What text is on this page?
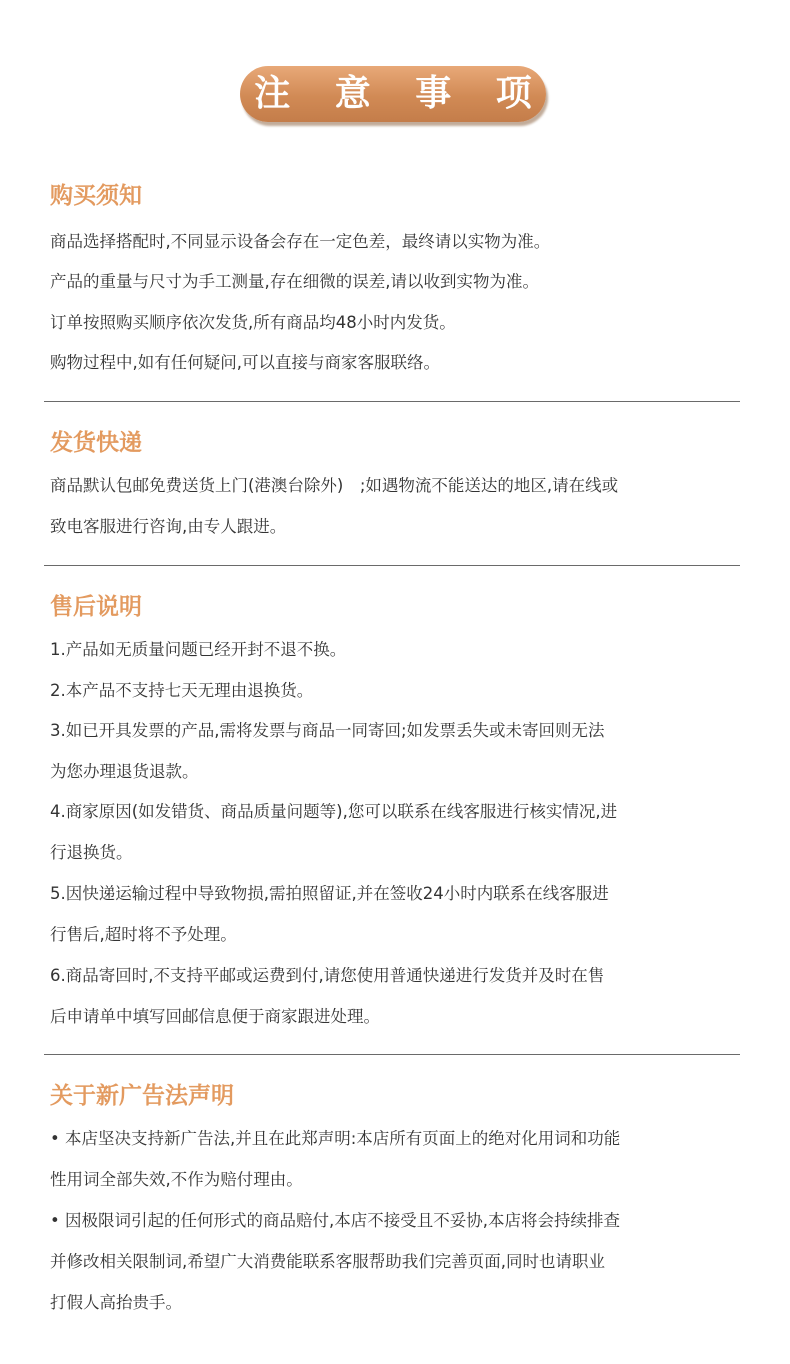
注 意 事 项
购买须知

商品选择搭配时,不同显示设备会存在一定色差，最终请以实物为准。

产品的重量与尺寸为手工测量,存在细微的误差,请以收到实物为准。

订单按照购买顺序依次发货,所有商品均48小时内发货。

购物过程中,如有任何疑问,可以直接与商家客服联络。

发货快递

商品默认包邮免费送货上门(港澳台除外)　;如遇物流不能送达的地区,请在线或

致电客服进行咨询,由专人跟进。

售后说明

1.产品如无质量问题已经开封不退不换。

2.本产品不支持七天无理由退换货。

3.如已开具发票的产品,需将发票与商品一同寄回;如发票丢失或未寄回则无法

为您办理退货退款。

4.商家原因(如发错货、商品质量问题等),您可以联系在线客服进行核实情况,进

行退换货。

5.因快递运输过程中导致物损,需拍照留证,并在签收24小时内联系在线客服进

行售后,超时将不予处理。

6.商品寄回时,不支持平邮或运费到付,请您使用普通快递进行发货并及时在售

后申请单中填写回邮信息便于商家跟进处理。

关于新广告法声明

• 本店坚决支持新广告法,并且在此郑声明:本店所有页面上的绝对化用词和功能

性用词全部失效,不作为赔付理由。

• 因极限词引起的任何形式的商品赔付,本店不接受且不妥协,本店将会持续排查

并修改相关限制词,希望广大消费能联系客服帮助我们完善页面,同时也请职业

打假人高抬贵手。
